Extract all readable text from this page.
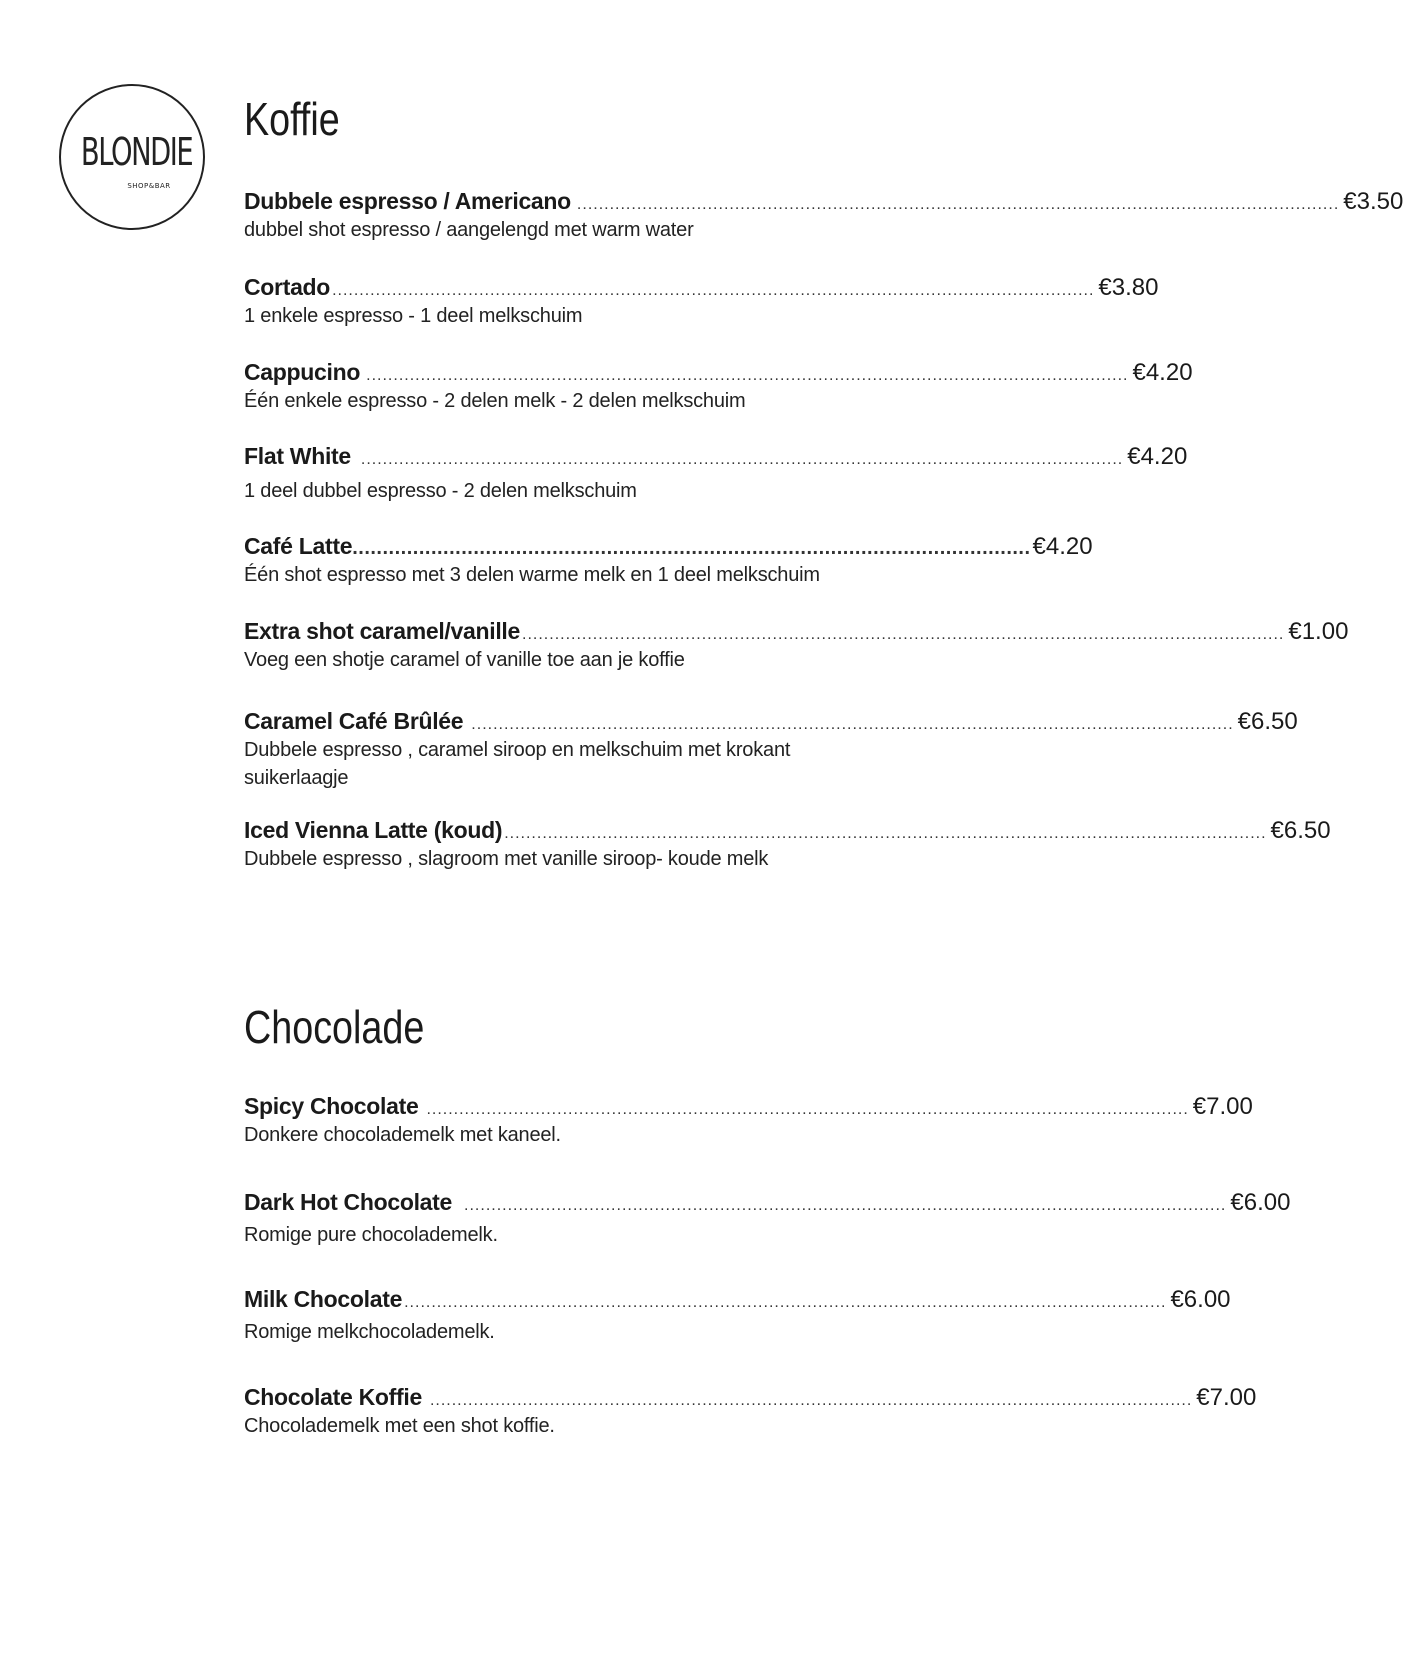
BLONDIE
SHOP&BAR
Koffie
Dubbele espresso / Americano ............................................................................................................................................ €3.50
dubbel shot espresso / aangelengd met warm water
Cortado ............................................................................................................................................ €3.80
1 enkele espresso - 1 deel melkschuim
Cappucino ............................................................................................................................................ €4.20
Één enkele espresso - 2 delen melk - 2 delen melkschuim
Flat White ............................................................................................................................................ €4.20
1 deel dubbel espresso - 2 delen melkschuim
Café Latte ................................................................................................................ €4.20
Één shot espresso met 3 delen warme melk en 1 deel melkschuim
Extra shot caramel/vanille ............................................................................................................................................ €1.00
Voeg een shotje caramel of vanille toe aan je koffie
Caramel Café Brûlée ............................................................................................................................................ €6.50
Dubbele espresso , caramel siroop en melkschuim met krokant suikerlaagje
Iced Vienna Latte (koud) ............................................................................................................................................ €6.50
Dubbele espresso , slagroom met vanille siroop- koude melk
Chocolade
Spicy Chocolate ............................................................................................................................................ €7.00
Donkere chocolademelk met kaneel.
Dark Hot Chocolate ............................................................................................................................................ €6.00
Romige pure chocolademelk.
Milk Chocolate ............................................................................................................................................ €6.00
Romige melkchocolademelk.
Chocolate Koffie ............................................................................................................................................ €7.00
Chocolademelk met een shot koffie.
